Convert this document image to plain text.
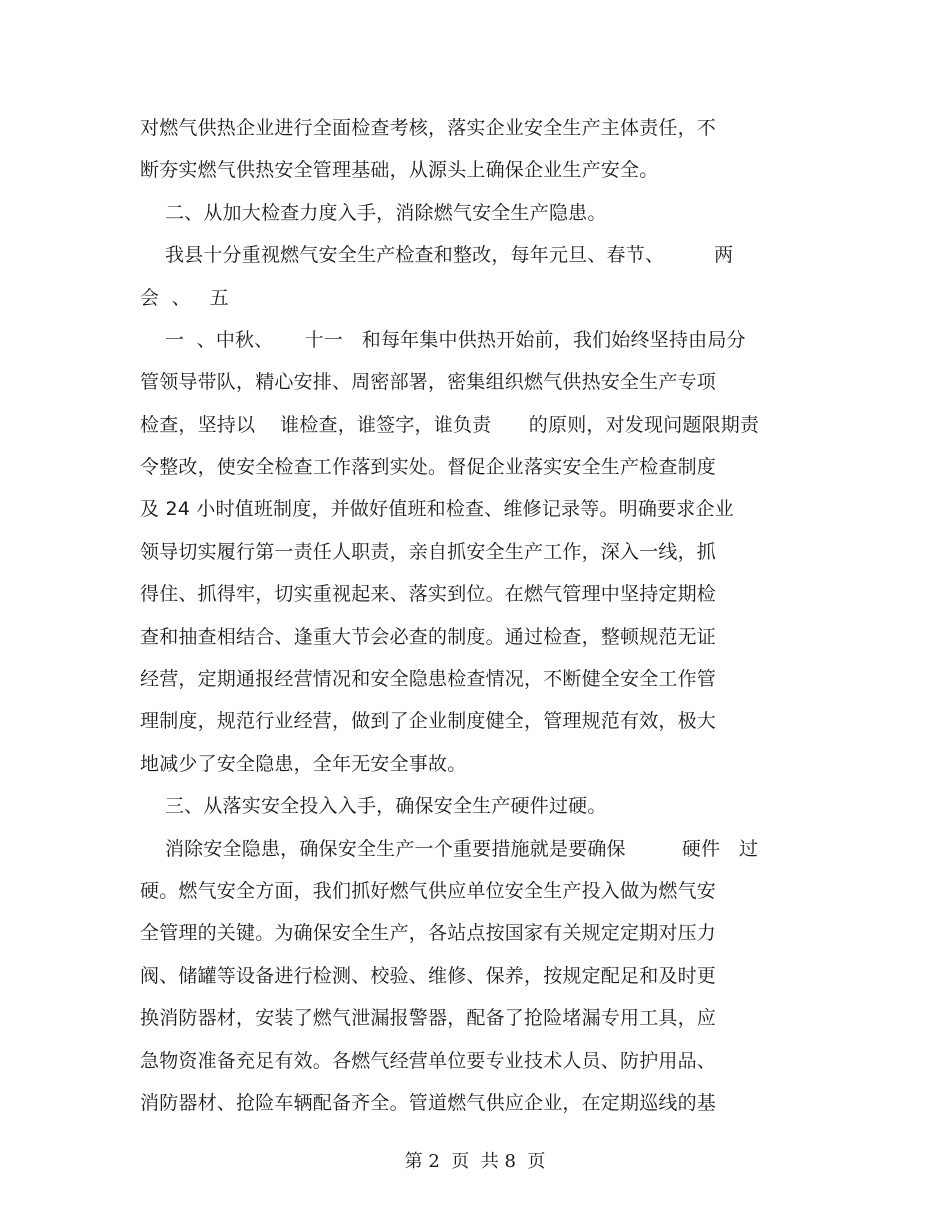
对燃气供热企业进行全面检查考核，落实企业安全生产主体责任，不
断夯实燃气供热安全管理基础，从源头上确保企业生产安全。
二、从加大检查力度入手，消除燃气安全生产隐患。
我县十分重视燃气安全生产检查和整改，每年元旦、春节、        两
会  、   五
一  、中秋、     十一   和每年集中供热开始前，我们始终坚持由局分
管领导带队，精心安排、周密部署，密集组织燃气供热安全生产专项
检查，坚持以    谁检查，谁签字，谁负责      的原则，对发现问题限期责
令整改，使安全检查工作落到实处。督促企业落实安全生产检查制度
及 24 小时值班制度，并做好值班和检查、维修记录等。明确要求企业
领导切实履行第一责任人职责，亲自抓安全生产工作，深入一线，抓
得住、抓得牢，切实重视起来、落实到位。在燃气管理中坚持定期检
查和抽查相结合、逢重大节会必查的制度。通过检查，整顿规范无证
经营，定期通报经营情况和安全隐患检查情况，不断健全安全工作管
理制度，规范行业经营，做到了企业制度健全，管理规范有效，极大
地减少了安全隐患，全年无安全事故。
三、从落实安全投入入手，确保安全生产硬件过硬。
消除安全隐患，确保安全生产一个重要措施就是要确保         硬件   过
硬。燃气安全方面，我们抓好燃气供应单位安全生产投入做为燃气安
全管理的关键。为确保安全生产，各站点按国家有关规定定期对压力
阀、储罐等设备进行检测、校验、维修、保养，按规定配足和及时更
换消防器材，安装了燃气泄漏报警器，配备了抢险堵漏专用工具，应
急物资准备充足有效。各燃气经营单位要专业技术人员、防护用品、
消防器材、抢险车辆配备齐全。管道燃气供应企业，在定期巡线的基
第 2  页  共 8  页
